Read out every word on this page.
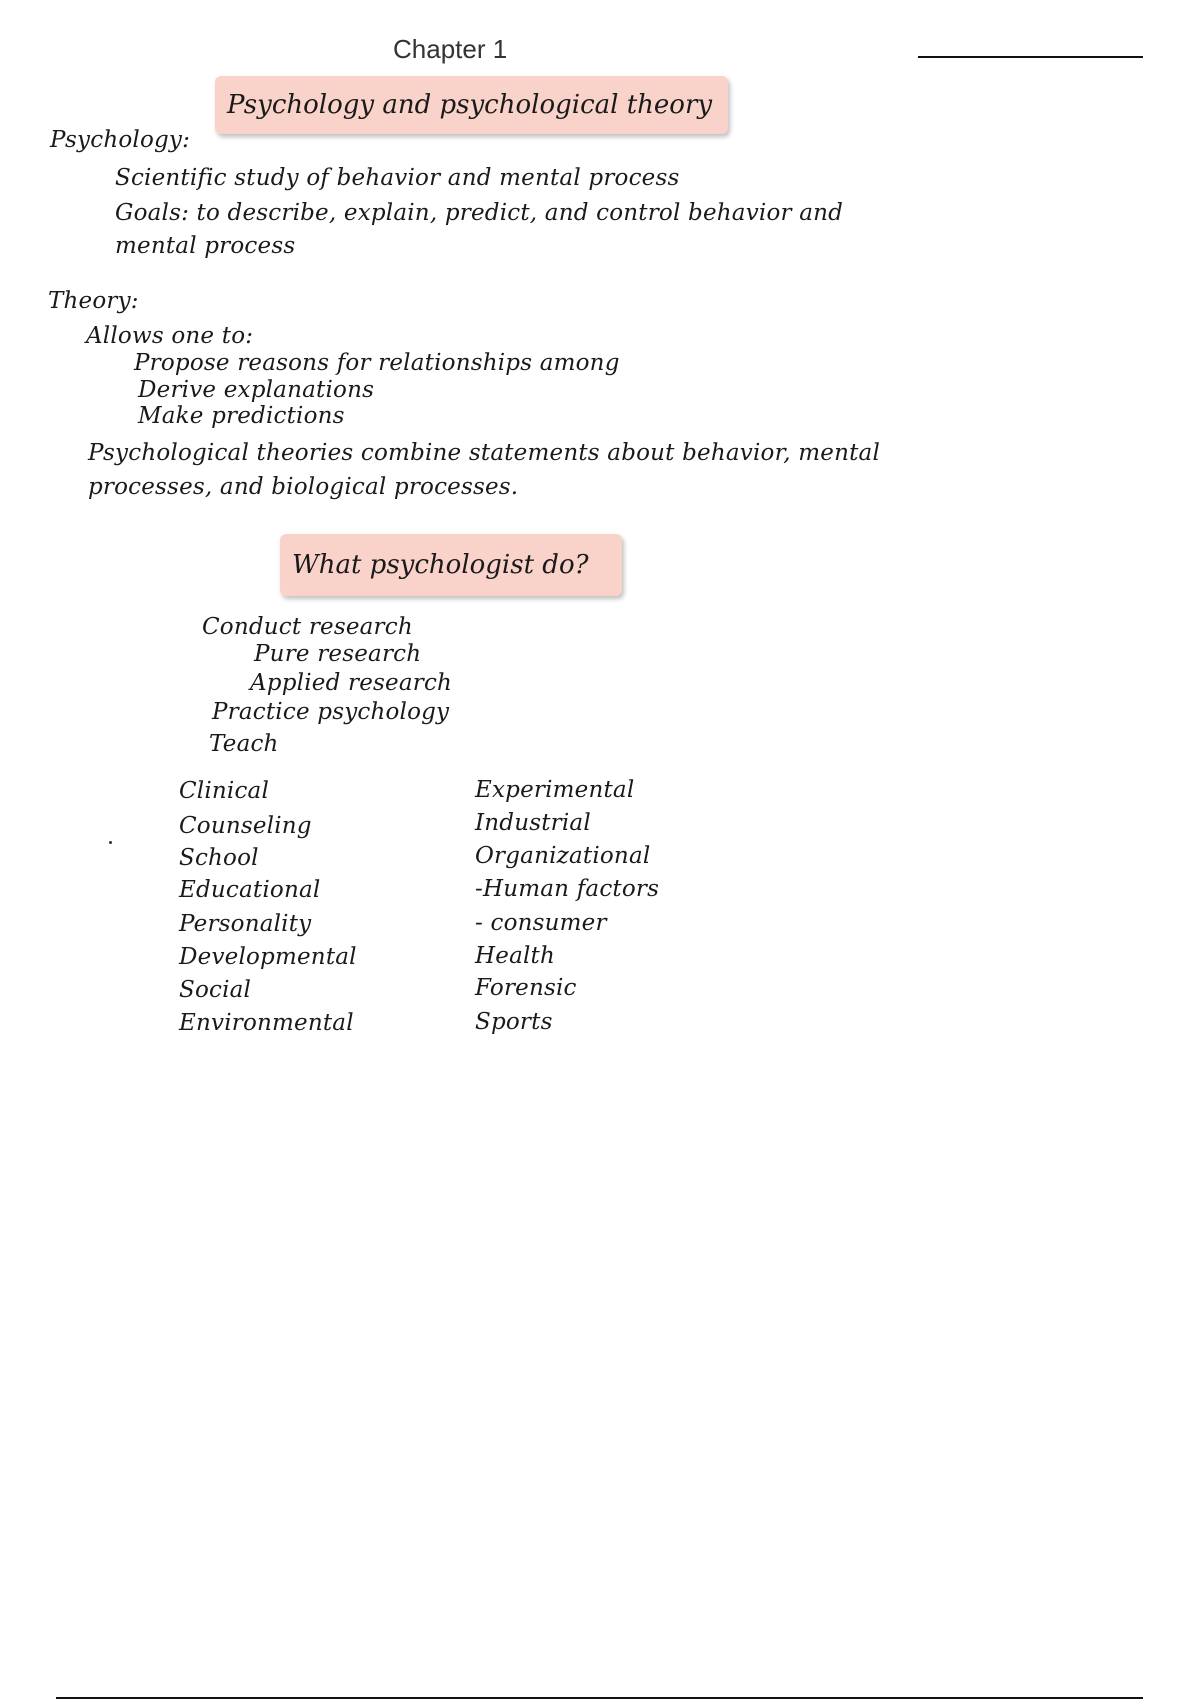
Chapter 1
Psychology and psychological theory
Psychology:
Scientific study of behavior and mental process
Goals: to describe, explain, predict, and control behavior and
mental process
Theory:
Allows one to:
Propose reasons for relationships among
Derive explanations
Make predictions
Psychological theories combine statements about behavior, mental
processes, and biological processes.
What psychologist do?
Conduct research
Pure research
Applied research
Practice psychology
Teach
Clinical
Counseling
School
Educational
Personality
Developmental
Social
Environmental
Experimental
Industrial
Organizational
-Human factors
- consumer
Health
Forensic
Sports
